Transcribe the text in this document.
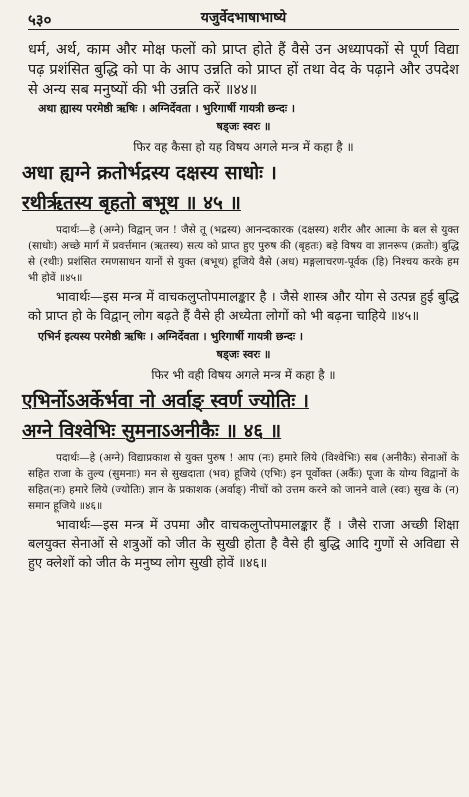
५३०	यजुर्वेदभाषाभाष्ये

धर्म, अर्थ, काम और मोक्ष फलों को प्राप्त होते हैं वैसे उन अध्यापकों से पूर्ण विद्या पढ़ प्रशंसित बुद्धि को पा के आप उन्नति को प्राप्त हों तथा वेद के पढ़ाने और उपदेश से अन्य सब मनुष्यों की भी उन्नति करें ॥४४॥

अथा ह्यास्य परमेष्ठी ऋषिः । अग्निर्देवता । भुरिगार्षी गायत्री छन्दः ।

षड्जः स्वरः ॥

फिर वह कैसा हो यह विषय अगले मन्त्र में कहा है ॥

अधा ह्यग्ने क्रतोर्भद्रस्य दक्षस्य साधोः ।

रथीर्ऋतस्य बृहतो बभूथ ॥ ४५ ॥

पदार्थः—हे (अग्ने) विद्वान् जन ! जैसे तू (भद्रस्य) आनन्दकारक (दक्षस्य) शरीर और आत्मा के बल से युक्त (साधोः) अच्छे मार्ग में प्रवर्त्तमान (ऋतस्य) सत्य को प्राप्त हुए पुरुष की (बृहतः) बड़े विषय वा ज्ञानरूप (क्रतोः) बुद्धि से (रथीः) प्रशंसित रमणसाधन यानों से युक्त (बभूथ) हूजिये वैसे (अध) मङ्गलाचरण-पूर्वक (हि) निश्चय करके हम भी होवें ॥४५॥

भावार्थः—इस मन्त्र में वाचकलुप्तोपमालङ्कार है । जैसे शास्त्र और योग से उत्पन्न हुई बुद्धि को प्राप्त हो के विद्वान् लोग बढ़ते हैं वैसे ही अध्येता लोगों को भी बढ़ना चाहिये ॥४५॥

एभिर्न इत्यस्य परमेष्ठी ऋषिः । अग्निर्देवता । भुरिगार्षी गायत्री छन्दः ।

षड्जः स्वरः ॥

फिर भी वही विषय अगले मन्त्र में कहा है ॥

एभिर्नोऽअर्केर्भवा नो अर्वाङ् स्वर्ण ज्योतिः ।

अग्ने विश्वेभिः सुमनाऽअनीकैः ॥ ४६ ॥

पदार्थः—हे (अग्ने) विद्याप्रकाश से युक्त पुरुष ! आप (नः) हमारे लिये (विश्वेभिः) सब (अनीकैः) सेनाओं के सहित राजा के तुल्य (सुमनाः) मन से सुखदाता (भव) हूजिये (एभिः) इन पूर्वोक्त (अर्कैः) पूजा के योग्य विद्वानों के सहित(नः) हमारे लिये (ज्योतिः) ज्ञान के प्रकाशक (अर्वाङ्) नीचों को उत्तम करने को जानने वाले (स्वः) सुख के (न) समान हूजिये ॥४६॥

भावार्थः—इस मन्त्र में उपमा और वाचकलुप्तोपमालङ्कार हैं । जैसे राजा अच्छी शिक्षा बलयुक्त सेनाओं से शत्रुओं को जीत के सुखी होता है वैसे ही बुद्धि आदि गुणों से अविद्या से हुए क्लेशों को जीत के मनुष्य लोग सुखी होवें ॥४६॥
